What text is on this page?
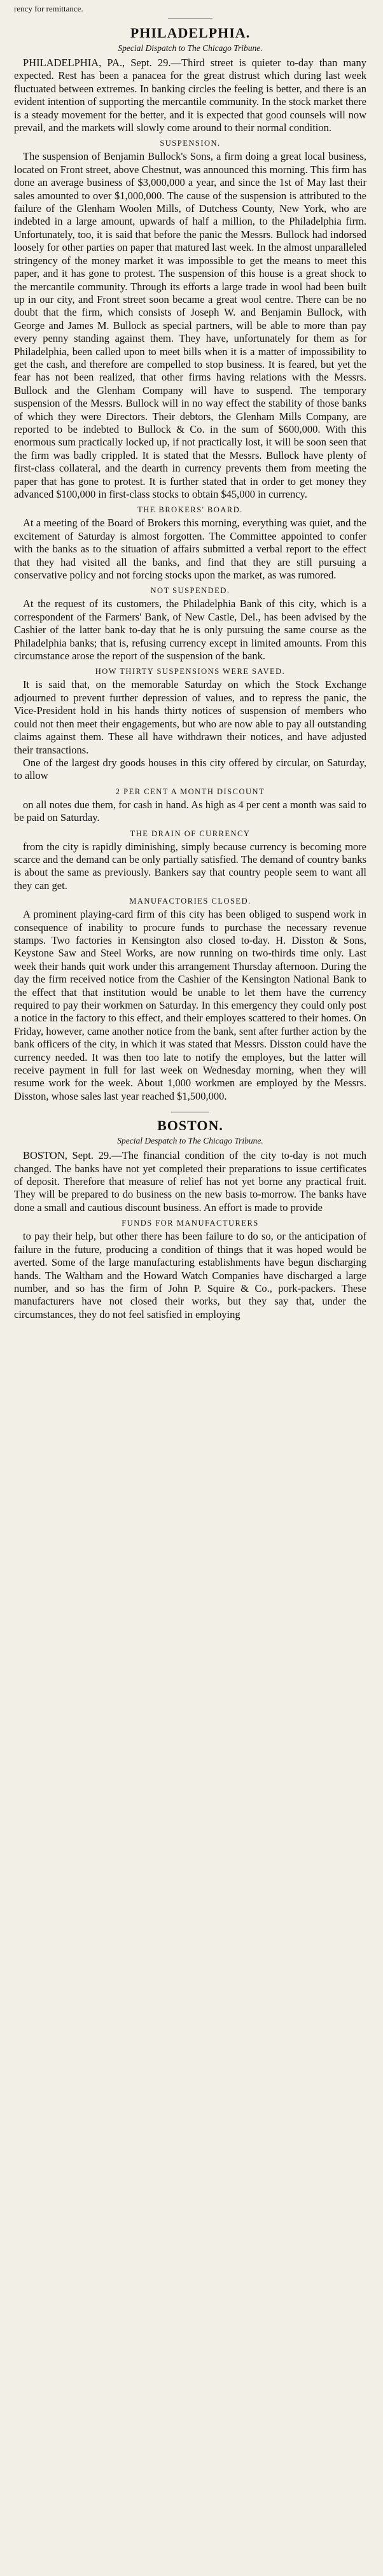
rency for remittance.
PHILADELPHIA.
Special Dispatch to The Chicago Tribune.

PHILADELPHIA, PA., Sept. 29.—Third street is quieter to-day than many expected. Rest has been a panacea for the great distrust which during last week fluctuated between extremes. In banking circles the feeling is better, and there is an evident intention of supporting the mercantile community. In the stock market there is a steady movement for the better, and it is expected that good counsels will now prevail, and the markets will slowly come around to their normal condition.

SUSPENSION.

The suspension of Benjamin Bullock's Sons, a firm doing a great local business, located on Front street, above Chestnut, was announced this morning. This firm has done an average business of $3,000,000 a year, and since the 1st of May last their sales amounted to over $1,000,000. The cause of the suspension is attributed to the failure of the Glenham Woolen Mills, of Dutchess County, New York, who are indebted in a large amount, upwards of half a million, to the Philadelphia firm. Unfortunately, too, it is said that before the panic the Messrs. Bullock had indorsed loosely for other parties on paper that matured last week. In the almost unparalleled stringency of the money market it was impossible to get the means to meet this paper, and it has gone to protest. The suspension of this house is a great shock to the mercantile community. Through its efforts a large trade in wool had been built up in our city, and Front street soon became a great wool centre. There can be no doubt that the firm, which consists of Joseph W. and Benjamin Bullock, with George and James M. Bullock as special partners, will be able to more than pay every penny standing against them. They have, unfortunately for them as for Philadelphia, been called upon to meet bills when it is a matter of impossibility to get the cash, and therefore are compelled to stop business. It is feared, but yet the fear has not been realized, that other firms having relations with the Messrs. Bullock and the Glenham Company will have to suspend. The temporary suspension of the Messrs. Bullock will in no way effect the stability of those banks of which they were Directors. Their debtors, the Glenham Mills Company, are reported to be indebted to Bullock & Co. in the sum of $600,000. With this enormous sum practically locked up, if not practically lost, it will be soon seen that the firm was badly crippled. It is stated that the Messrs. Bullock have plenty of first-class collateral, and the dearth in currency prevents them from meeting the paper that has gone to protest. It is further stated that in order to get money they advanced $100,000 in first-class stocks to obtain $45,000 in currency.

THE BROKERS' BOARD.

At a meeting of the Board of Brokers this morning, everything was quiet, and the excitement of Saturday is almost forgotten. The Committee appointed to confer with the banks as to the situation of affairs submitted a verbal report to the effect that they had visited all the banks, and find that they are still pursuing a conservative policy and not forcing stocks upon the market, as was rumored.

NOT SUSPENDED.

At the request of its customers, the Philadelphia Bank of this city, which is a correspondent of the Farmers' Bank, of New Castle, Del., has been advised by the Cashier of the latter bank to-day that he is only pursuing the same course as the Philadelphia banks; that is, refusing currency except in limited amounts. From this circumstance arose the report of the suspension of the bank.

HOW THIRTY SUSPENSIONS WERE SAVED.

It is said that, on the memorable Saturday on which the Stock Exchange adjourned to prevent further depression of values, and to repress the panic, the Vice-President hold in his hands thirty notices of suspension of members who could not then meet their engagements, but who are now able to pay all outstanding claims against them. These all have withdrawn their notices, and have adjusted their transactions.

One of the largest dry goods houses in this city offered by circular, on Saturday, to allow

2 PER CENT A MONTH DISCOUNT

on all notes due them, for cash in hand. As high as 4 per cent a month was said to be paid on Saturday.

THE DRAIN OF CURRENCY

from the city is rapidly diminishing, simply because currency is becoming more scarce and the demand can be only partially satisfied. The demand of country banks is about the same as previously. Bankers say that country people seem to want all they can get.

MANUFACTORIES CLOSED.

A prominent playing-card firm of this city has been obliged to suspend work in consequence of inability to procure funds to purchase the necessary revenue stamps. Two factories in Kensington also closed to-day. H. Disston & Sons, Keystone Saw and Steel Works, are now running on two-thirds time only. Last week their hands quit work under this arrangement Thursday afternoon. During the day the firm received notice from the Cashier of the Kensington National Bank to the effect that that institution would be unable to let them have the currency required to pay their workmen on Saturday. In this emergency they could only post a notice in the factory to this effect, and their employes scattered to their homes. On Friday, however, came another notice from the bank, sent after further action by the bank officers of the city, in which it was stated that Messrs. Disston could have the currency needed. It was then too late to notify the employes, but the latter will receive payment in full for last week on Wednesday morning, when they will resume work for the week. About 1,000 workmen are employed by the Messrs. Disston, whose sales last year reached $1,500,000.

BOSTON.
Special Despatch to The Chicago Tribune.

BOSTON, Sept. 29.—The financial condition of the city to-day is not much changed. The banks have not yet completed their preparations to issue certificates of deposit. Therefore that measure of relief has not yet borne any practical fruit. They will be prepared to do business on the new basis to-morrow. The banks have done a small and cautious discount business. An effort is made to provide

FUNDS FOR MANUFACTURERS

to pay their help, but other there has been failure to do so, or the anticipation of failure in the future, producing a condition of things that it was hoped would be averted. Some of the large manufacturing establishments have begun discharging hands. The Waltham and the Howard Watch Companies have discharged a large number, and so has the firm of John P. Squire & Co., pork-packers. These manufacturers have not closed their works, but they say that, under the circumstances, they do not feel satisfied in employing
